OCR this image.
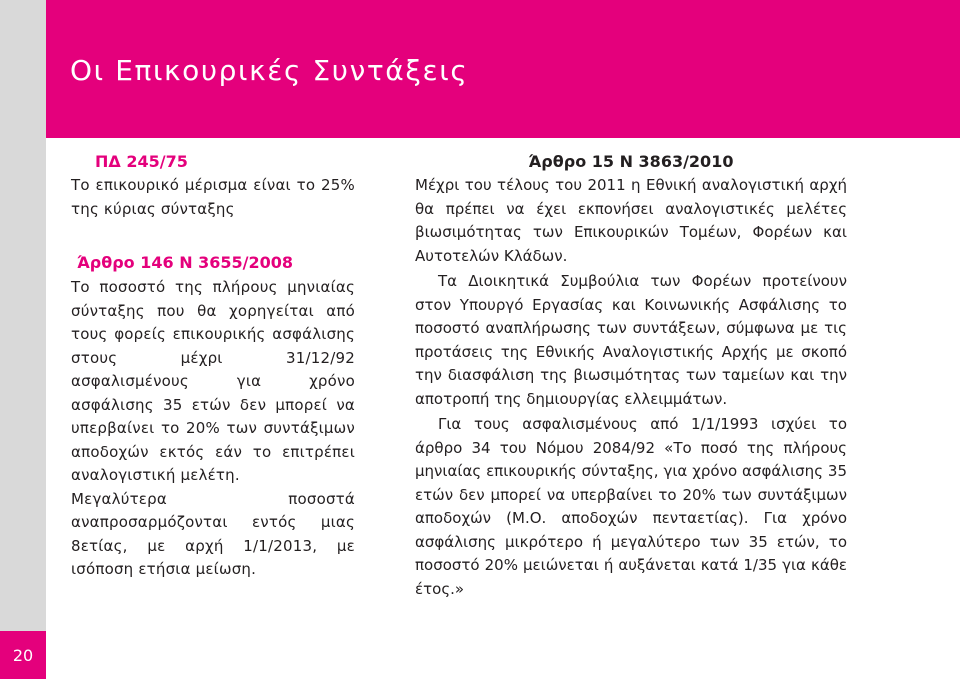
20
Οι Επικουρικές Συντάξεις
ΠΔ 245/75

Το επικουρικό μέρισμα είναι το 25% της κύριας σύνταξης

Άρθρο 146 Ν 3655/2008

Το ποσοστό της πλήρους μηνιαίας σύνταξης που θα χορηγείται από τους φορείς επικουρικής ασφάλισης στους μέχρι 31/12/92 ασφαλισμένους για χρόνο ασφάλισης 35 ετών δεν μπορεί να υπερβαίνει το 20% των συντάξιμων αποδοχών εκτός εάν το επιτρέπει αναλογιστική μελέτη.

Μεγαλύτερα ποσοστά αναπροσαρμόζονται εντός μιας 8ετίας, με αρχή 1/1/2013, με ισόποση ετήσια μείωση.

Άρθρο 15 Ν 3863/2010

Μέχρι του τέλους του 2011 η Εθνική αναλογιστική αρχή θα πρέπει να έχει εκπονήσει αναλογιστικές μελέτες βιωσιμότητας των Επικουρικών Τομέων, Φορέων και Αυτοτελών Κλάδων.

Τα Διοικητικά Συμβούλια των Φορέων προτείνουν στον Υπουργό Εργασίας και Κοινωνικής Ασφάλισης το ποσοστό αναπλήρωσης των συντάξεων, σύμφωνα με τις προτάσεις της Εθνικής Αναλογιστικής Αρχής με σκοπό την διασφάλιση της βιωσιμότητας των ταμείων και την αποτροπή της δημιουργίας ελλειμμάτων.

Για τους ασφαλισμένους από 1/1/1993 ισχύει το άρθρο 34 του Νόμου 2084/92 «Το ποσό της πλήρους μηνιαίας επικουρικής σύνταξης, για χρόνο ασφάλισης 35 ετών δεν μπορεί να υπερβαίνει το 20% των συντάξιμων αποδοχών (Μ.Ο. αποδοχών πενταετίας). Για χρόνο ασφάλισης μικρότερο ή μεγαλύτερο των 35 ετών, το ποσοστό 20% μειώνεται ή αυξάνεται κατά 1/35 για κάθε έτος.»
